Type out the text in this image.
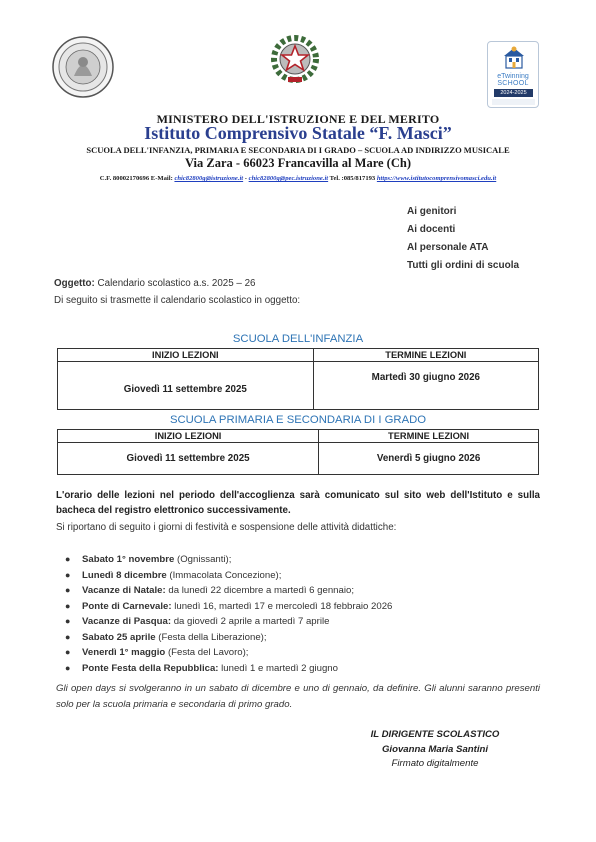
eTwinning
SCHOOL
2024-2025
MINISTERO DELL'ISTRUZIONE E DEL MERITO
Istituto Comprensivo Statale “F. Masci”
SCUOLA DELL'INFANZIA, PRIMARIA E SECONDARIA DI I GRADO – SCUOLA AD INDIRIZZO MUSICALE
Via Zara - 66023 Francavilla al Mare (Ch)
C.F. 80002170696 E-Mail: chic82800g@istruzione.it - chic82800g@pec.istruzione.it Tel. :085/817193 https://www.istitutocomprensivomasci.edu.it
Ai genitori
Ai docenti
Al personale ATA
Tutti gli ordini di scuola
Oggetto: Calendario scolastico a.s. 2025 – 26
Di seguito si trasmette il calendario scolastico in oggetto:
SCUOLA DELL'INFANZIA
INIZIO LEZIONI	TERMINE LEZIONI
Giovedì 11 settembre 2025	Martedì 30 giugno 2026
SCUOLA PRIMARIA E SECONDARIA DI I GRADO
INIZIO LEZIONI	TERMINE LEZIONI
Giovedì 11 settembre 2025	Venerdì 5 giugno 2026
L'orario delle lezioni nel periodo dell'accoglienza sarà comunicato sul sito web dell'Istituto e sulla bacheca del registro elettronico successivamente.
Si riportano di seguito i giorni di festività e sospensione delle attività didattiche:
● Sabato 1° novembre (Ognissanti);
● Lunedì 8 dicembre (Immacolata Concezione);
● Vacanze di Natale: da lunedì 22 dicembre a martedì 6 gennaio;
● Ponte di Carnevale: lunedì 16, martedì 17 e mercoledì 18 febbraio 2026
● Vacanze di Pasqua: da giovedì 2 aprile a martedì 7 aprile
● Sabato 25 aprile (Festa della Liberazione);
● Venerdì 1° maggio (Festa del Lavoro);
● Ponte Festa della Repubblica: lunedì 1 e martedì 2 giugno
Gli open days si svolgeranno in un sabato di dicembre e uno di gennaio, da definire. Gli alunni saranno presenti solo per la scuola primaria e secondaria di primo grado.
IL DIRIGENTE SCOLASTICO
Giovanna Maria Santini
Firmato digitalmente
